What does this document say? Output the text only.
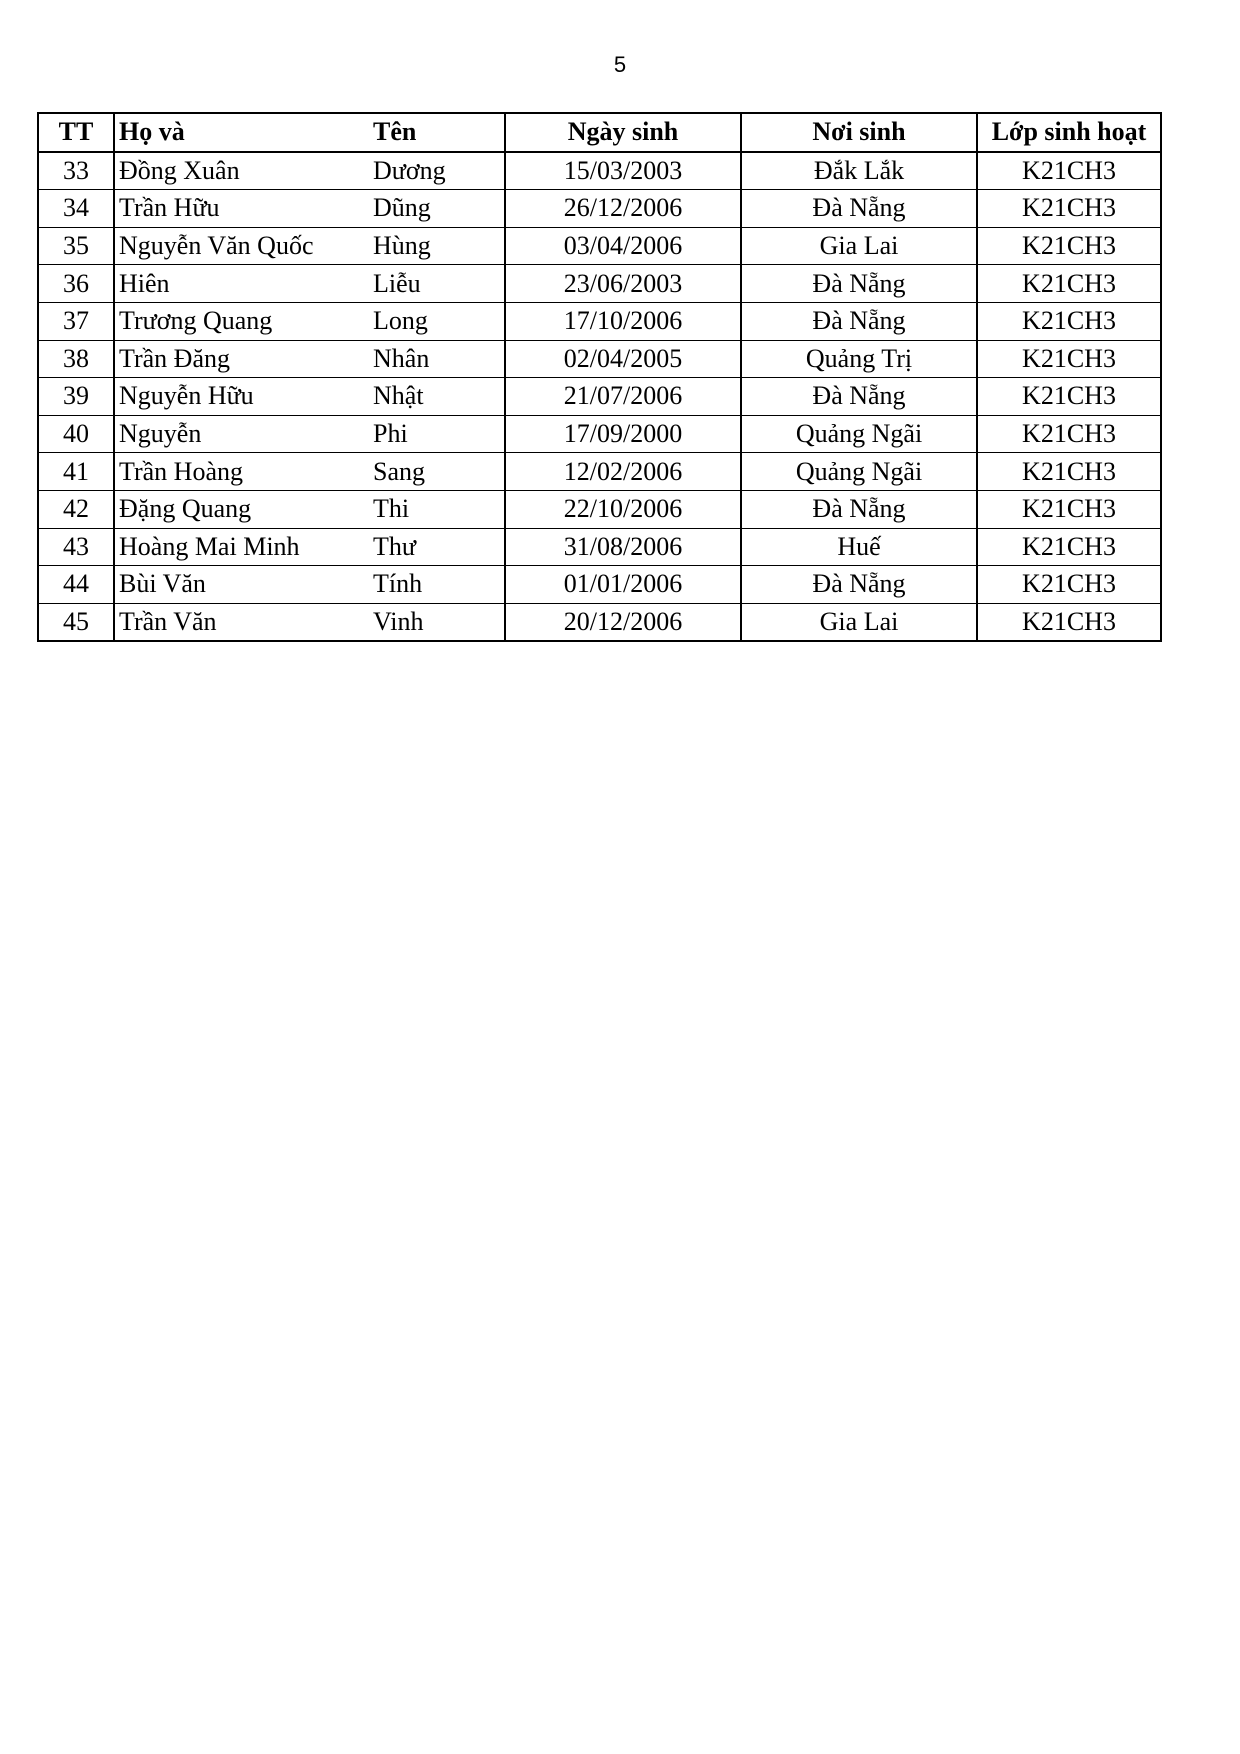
5
TT	Họ và	Tên	Ngày sinh	Nơi sinh	Lớp sinh hoạt
33	Đồng Xuân	Dương	15/03/2003	Đắk Lắk	K21CH3
34	Trần Hữu	Dũng	26/12/2006	Đà Nẵng	K21CH3
35	Nguyễn Văn Quốc	Hùng	03/04/2006	Gia Lai	K21CH3
36	Hiên	Liễu	23/06/2003	Đà Nẵng	K21CH3
37	Trương Quang	Long	17/10/2006	Đà Nẵng	K21CH3
38	Trần Đăng	Nhân	02/04/2005	Quảng Trị	K21CH3
39	Nguyễn Hữu	Nhật	21/07/2006	Đà Nẵng	K21CH3
40	Nguyễn	Phi	17/09/2000	Quảng Ngãi	K21CH3
41	Trần Hoàng	Sang	12/02/2006	Quảng Ngãi	K21CH3
42	Đặng Quang	Thi	22/10/2006	Đà Nẵng	K21CH3
43	Hoàng Mai Minh	Thư	31/08/2006	Huế	K21CH3
44	Bùi Văn	Tính	01/01/2006	Đà Nẵng	K21CH3
45	Trần Văn	Vinh	20/12/2006	Gia Lai	K21CH3
